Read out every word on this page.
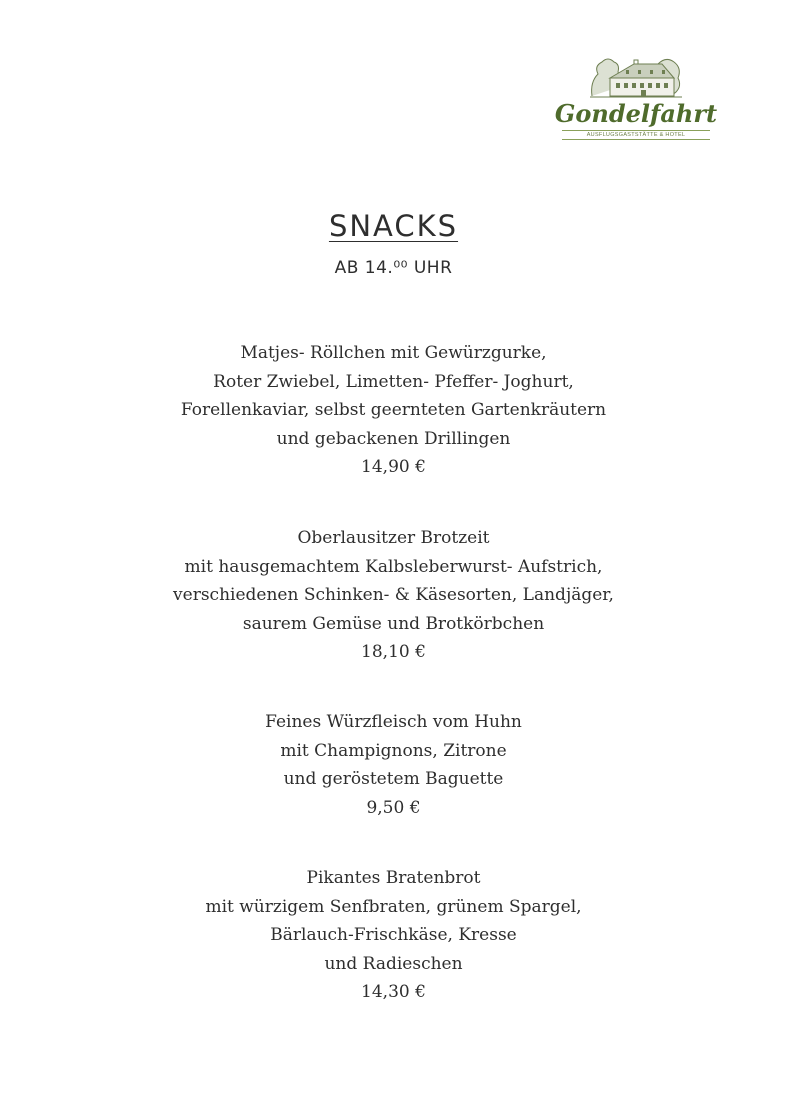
Gondelfahrt
AUSFLUGSGASTSTÄTTE & HOTEL
SNACKS
AB 14.⁰⁰ UHR
Matjes- Röllchen mit Gewürzgurke,
Roter Zwiebel, Limetten- Pfeffer- Joghurt,
Forellenkaviar, selbst geernteten Gartenkräutern
und gebackenen Drillingen
14,90 €
Oberlausitzer Brotzeit
mit hausgemachtem Kalbsleberwurst- Aufstrich,
verschiedenen Schinken- & Käsesorten, Landjäger,
saurem Gemüse und Brotkörbchen
18,10 €
Feines Würzfleisch vom Huhn
mit Champignons, Zitrone
und geröstetem Baguette
9,50 €
Pikantes Bratenbrot
mit würzigem Senfbraten, grünem Spargel,
Bärlauch-Frischkäse, Kresse
und Radieschen
14,30 €
